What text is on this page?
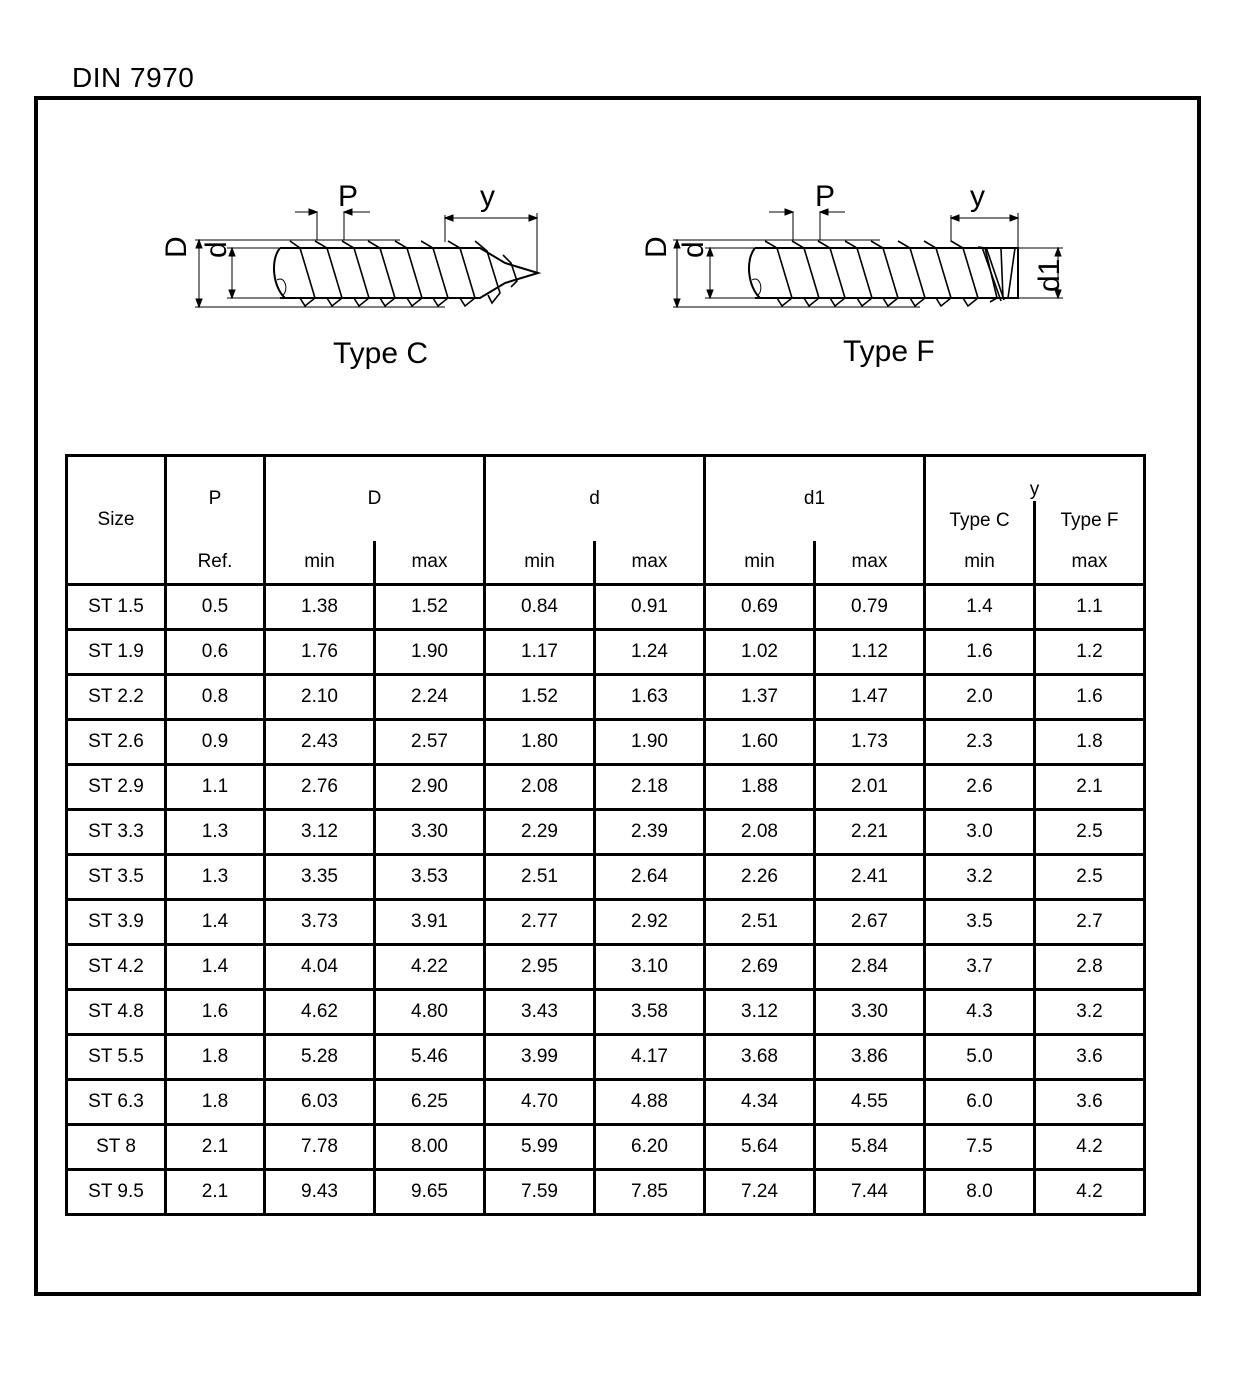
DIN 7970
Type C	Type F
D d
P	y
D d
P	y
d1
Size	P	D		d		d1		y	
								Type C	Type F
	Ref.	min	max	min	max	min	max	min	max
ST 1.5	0.5	1.38	1.52	0.84	0.91	0.69	0.79	1.4	1.1
ST 1.9	0.6	1.76	1.90	1.17	1.24	1.02	1.12	1.6	1.2
ST 2.2	0.8	2.10	2.24	1.52	1.63	1.37	1.47	2.0	1.6
ST 2.6	0.9	2.43	2.57	1.80	1.90	1.60	1.73	2.3	1.8
ST 2.9	1.1	2.76	2.90	2.08	2.18	1.88	2.01	2.6	2.1
ST 3.3	1.3	3.12	3.30	2.29	2.39	2.08	2.21	3.0	2.5
ST 3.5	1.3	3.35	3.53	2.51	2.64	2.26	2.41	3.2	2.5
ST 3.9	1.4	3.73	3.91	2.77	2.92	2.51	2.67	3.5	2.7
ST 4.2	1.4	4.04	4.22	2.95	3.10	2.69	2.84	3.7	2.8
ST 4.8	1.6	4.62	4.80	3.43	3.58	3.12	3.30	4.3	3.2
ST 5.5	1.8	5.28	5.46	3.99	4.17	3.68	3.86	5.0	3.6
ST 6.3	1.8	6.03	6.25	4.70	4.88	4.34	4.55	6.0	3.6
ST 8	2.1	7.78	8.00	5.99	6.20	5.64	5.84	7.5	4.2
ST 9.5	2.1	9.43	9.65	7.59	7.85	7.24	7.44	8.0	4.2
